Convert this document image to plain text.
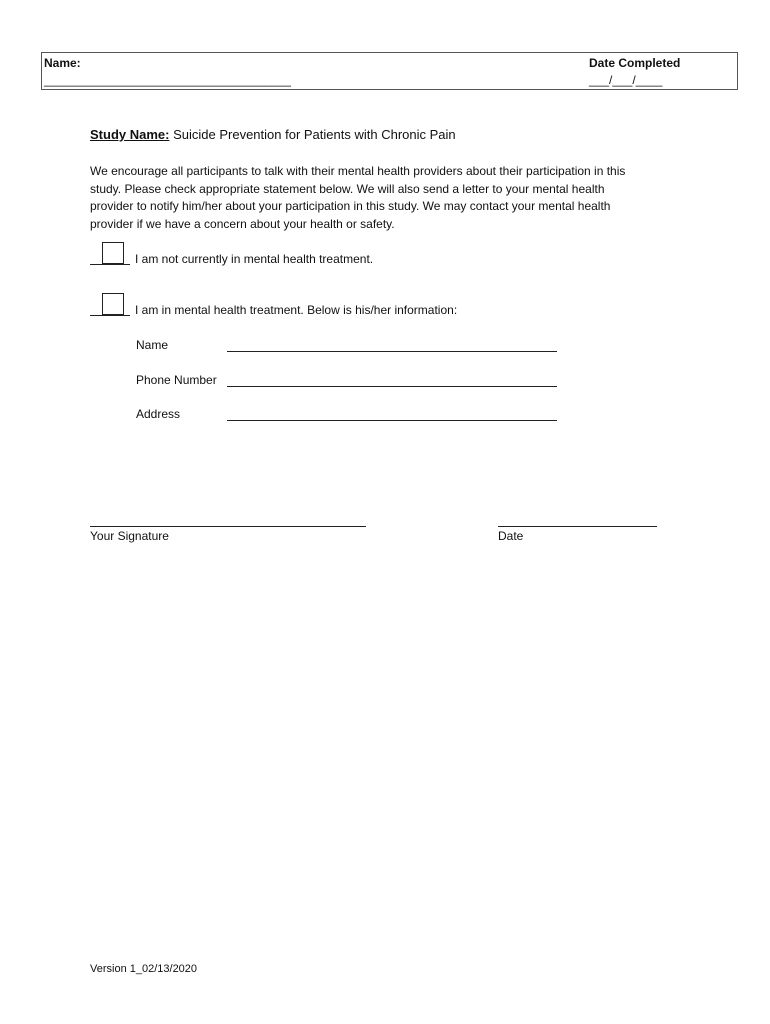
Name:
_____________________________________
Date Completed
___/___/____
Study Name: Suicide Prevention for Patients with Chronic Pain
We encourage all participants to talk with their mental health providers about their participation in this
study. Please check appropriate statement below. We will also send a letter to your mental health
provider to notify him/her about your participation in this study. We may contact your mental health
provider if we have a concern about your health or safety.
I am not currently in mental health treatment.
I am in mental health treatment. Below is his/her information:
Name
Phone Number
Address
Your Signature	Date
Version 1_02/13/2020
